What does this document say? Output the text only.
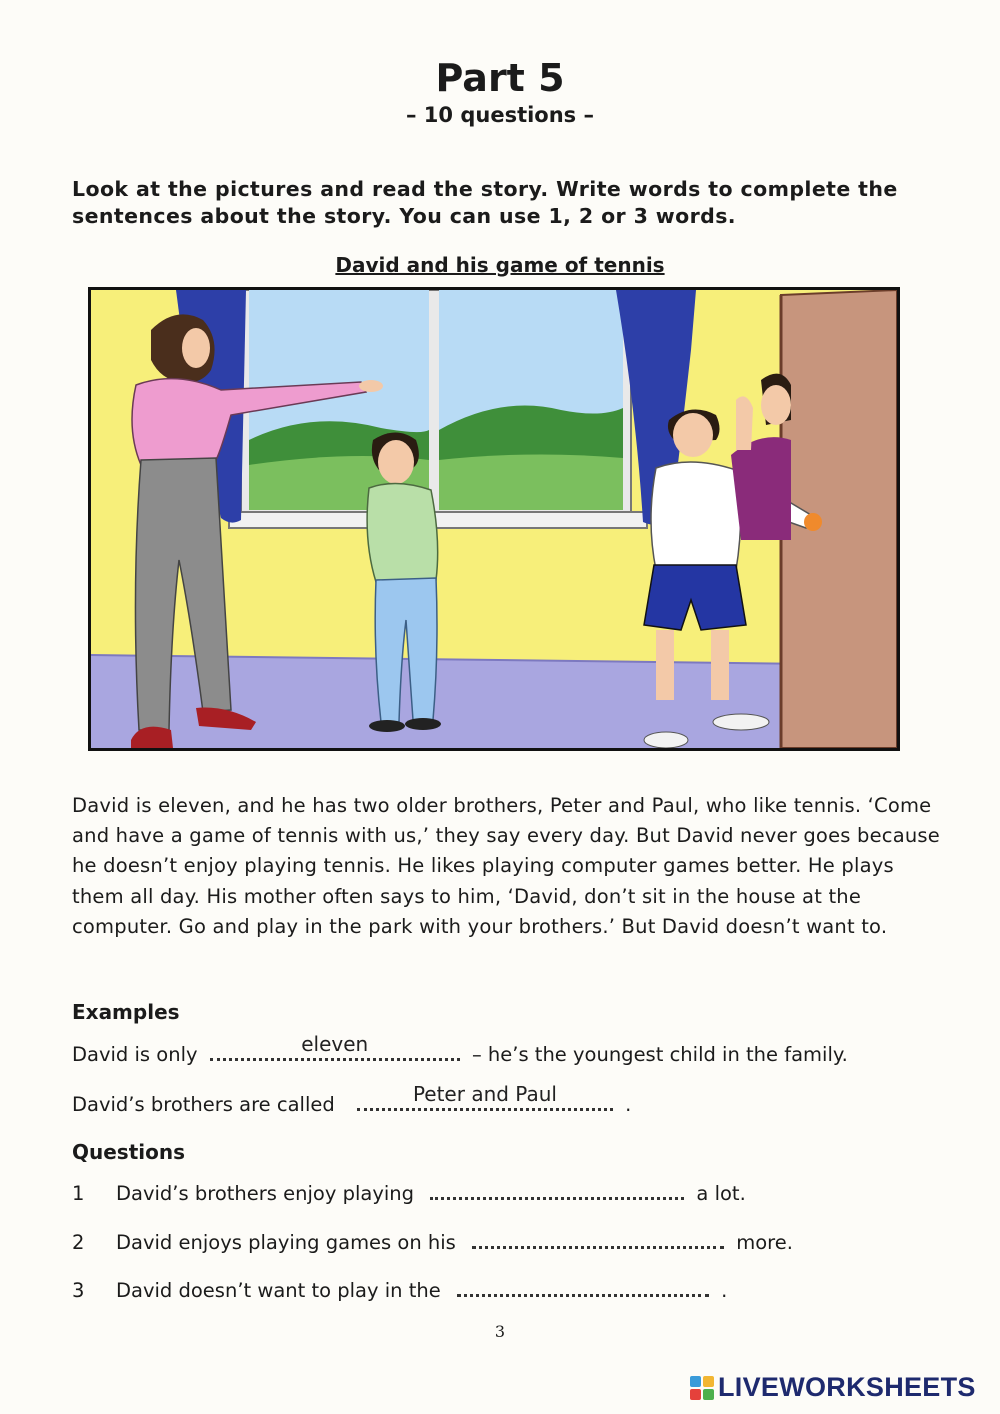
Part 5
– 10 questions –
Look at the pictures and read the story. Write words to complete the sentences about the story. You can use 1, 2 or 3 words.
David and his game of tennis
David is eleven, and he has two older brothers, Peter and Paul, who like tennis. ‘Come and have a game of tennis with us,’ they say every day. But David never goes because he doesn’t enjoy playing tennis. He likes playing computer games better. He plays them all day. His mother often says to him, ‘David, don’t sit in the house at the computer. Go and play in the park with your brothers.’ But David doesn’t want to.
Examples
David is only	eleven	– he’s the youngest child in the family.
David’s brothers are called	Peter and Paul	.
Questions
1 David’s brothers enjoy playing	a lot.
2 David enjoys playing games on his	more.
3 David doesn’t want to play in the	.
3
LIVEWORKSHEETS
